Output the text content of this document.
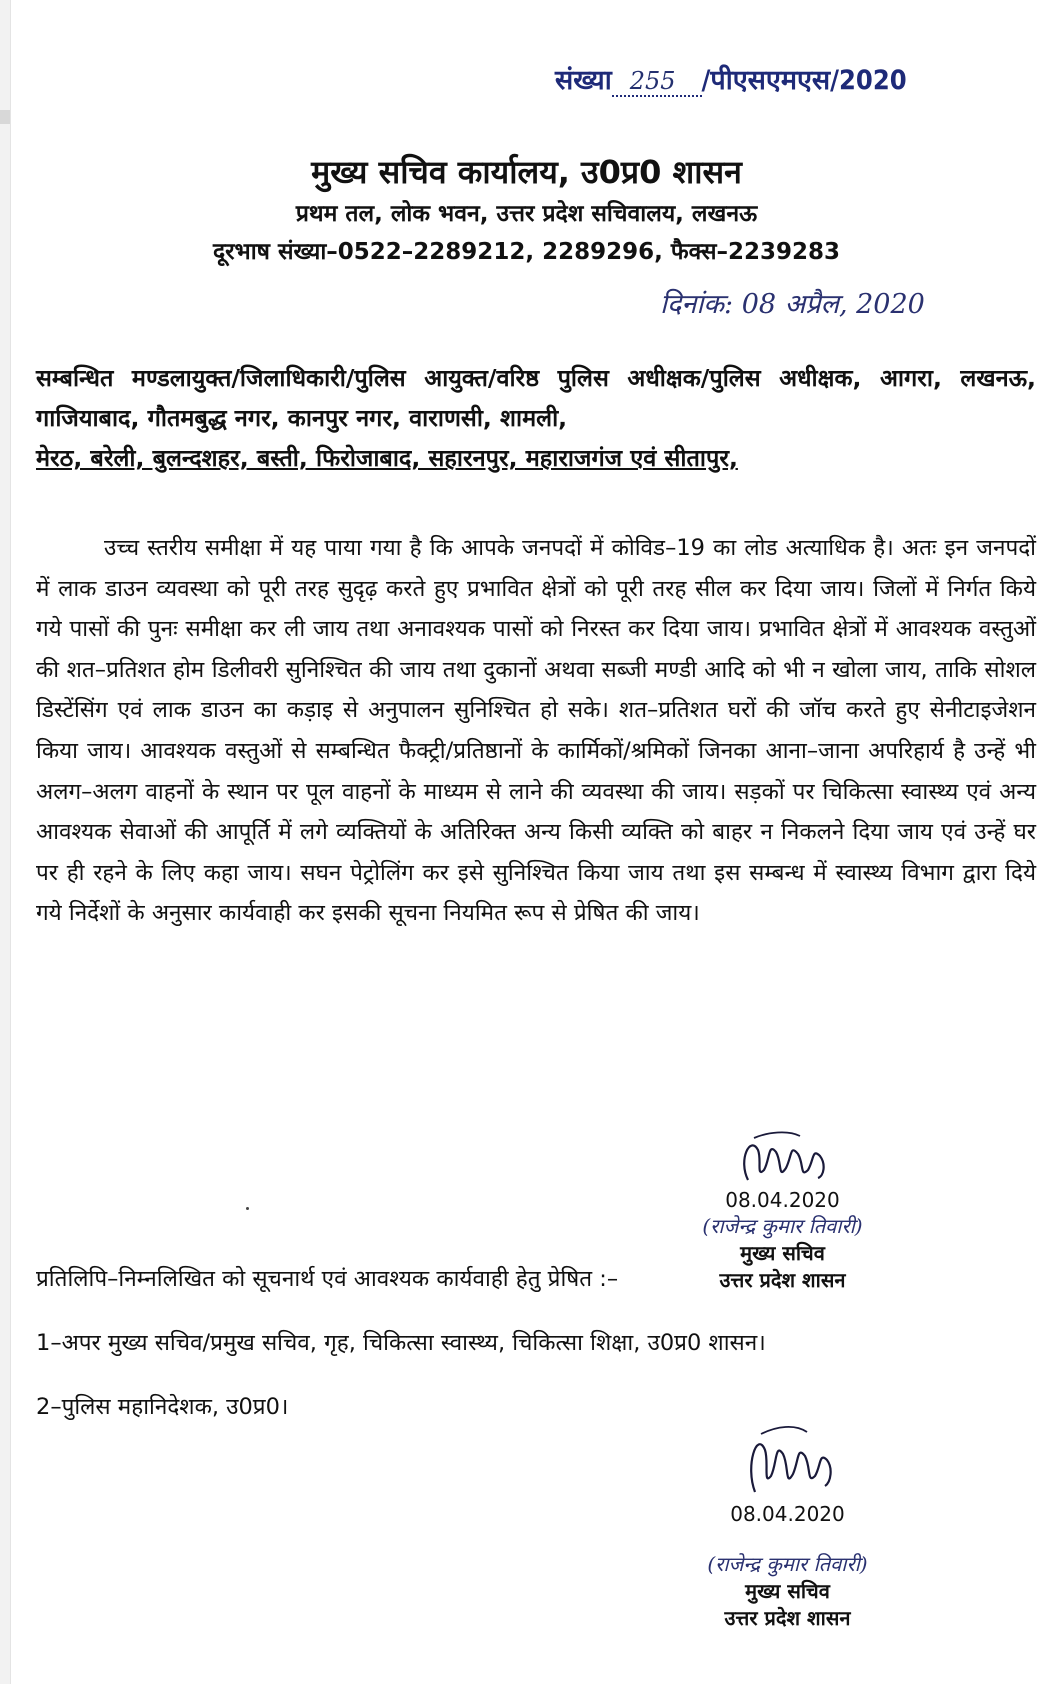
संख्या 255 /पीएसएमएस/2020
मुख्य सचिव कार्यालय, उ0प्र0 शासन
प्रथम तल, लोक भवन, उत्तर प्रदेश सचिवालय, लखनऊ
दूरभाष संख्या–0522–2289212, 2289296, फैक्स–2239283
दिनांक: 08 अप्रैल, 2020
सम्बन्धित मण्डलायुक्त/जिलाधिकारी/पुलिस आयुक्त/वरिष्ठ पुलिस अधीक्षक/पुलिस अधीक्षक, आगरा, लखनऊ, गाजियाबाद, गौतमबुद्ध नगर, कानपुर नगर, वाराणसी, शामली,
मेरठ, बरेली, बुलन्दशहर, बस्ती, फिरोजाबाद, सहारनपुर, महाराजगंज एवं सीतापुर,

उच्च स्तरीय समीक्षा में यह पाया गया है कि आपके जनपदों में कोविड–19 का लोड अत्याधिक है। अतः इन जनपदों में लाक डाउन व्यवस्था को पूरी तरह सुदृढ़ करते हुए प्रभावित क्षेत्रों को पूरी तरह सील कर दिया जाय। जिलों में निर्गत किये गये पासों की पुनः समीक्षा कर ली जाय तथा अनावश्यक पासों को निरस्त कर दिया जाय। प्रभावित क्षेत्रों में आवश्यक वस्तुओं की शत–प्रतिशत होम डिलीवरी सुनिश्चित की जाय तथा दुकानों अथवा सब्जी मण्डी आदि को भी न खोला जाय, ताकि सोशल डिस्टेंसिंग एवं लाक डाउन का कड़ाइ से अनुपालन सुनिश्चित हो सके। शत–प्रतिशत घरों की जॉच करते हुए सेनीटाइजेशन किया जाय। आवश्यक वस्तुओं से सम्बन्धित फैक्ट्री/प्रतिष्ठानों के कार्मिकों/श्रमिकों जिनका आना–जाना अपरिहार्य है उन्हें भी अलग–अलग वाहनों के स्थान पर पूल वाहनों के माध्यम से लाने की व्यवस्था की जाय। सड़कों पर चिकित्सा स्वास्थ्य एवं अन्य आवश्यक सेवाओं की आपूर्ति में लगे व्यक्तियों के अतिरिक्त अन्य किसी व्यक्ति को बाहर न निकलने दिया जाय एवं उन्हें घर पर ही रहने के लिए कहा जाय। सघन पेट्रोलिंग कर इसे सुनिश्चित किया जाय तथा इस सम्बन्ध में स्वास्थ्य विभाग द्वारा दिये गये निर्देशों के अनुसार कार्यवाही कर इसकी सूचना नियमित रूप से प्रेषित की जाय।

08.04.2020
(राजेन्द्र कुमार तिवारी)
मुख्य सचिव
उत्तर प्रदेश शासन
प्रतिलिपि–निम्नलिखित को सूचनार्थ एवं आवश्यक कार्यवाही हेतु प्रेषित :–
1–अपर मुख्य सचिव/प्रमुख सचिव, गृह, चिकित्सा स्वास्थ्य, चिकित्सा शिक्षा, उ0प्र0 शासन।
2–पुलिस महानिदेशक, उ0प्र0।
08.04.2020
(राजेन्द्र कुमार तिवारी)
मुख्य सचिव
उत्तर प्रदेश शासन
